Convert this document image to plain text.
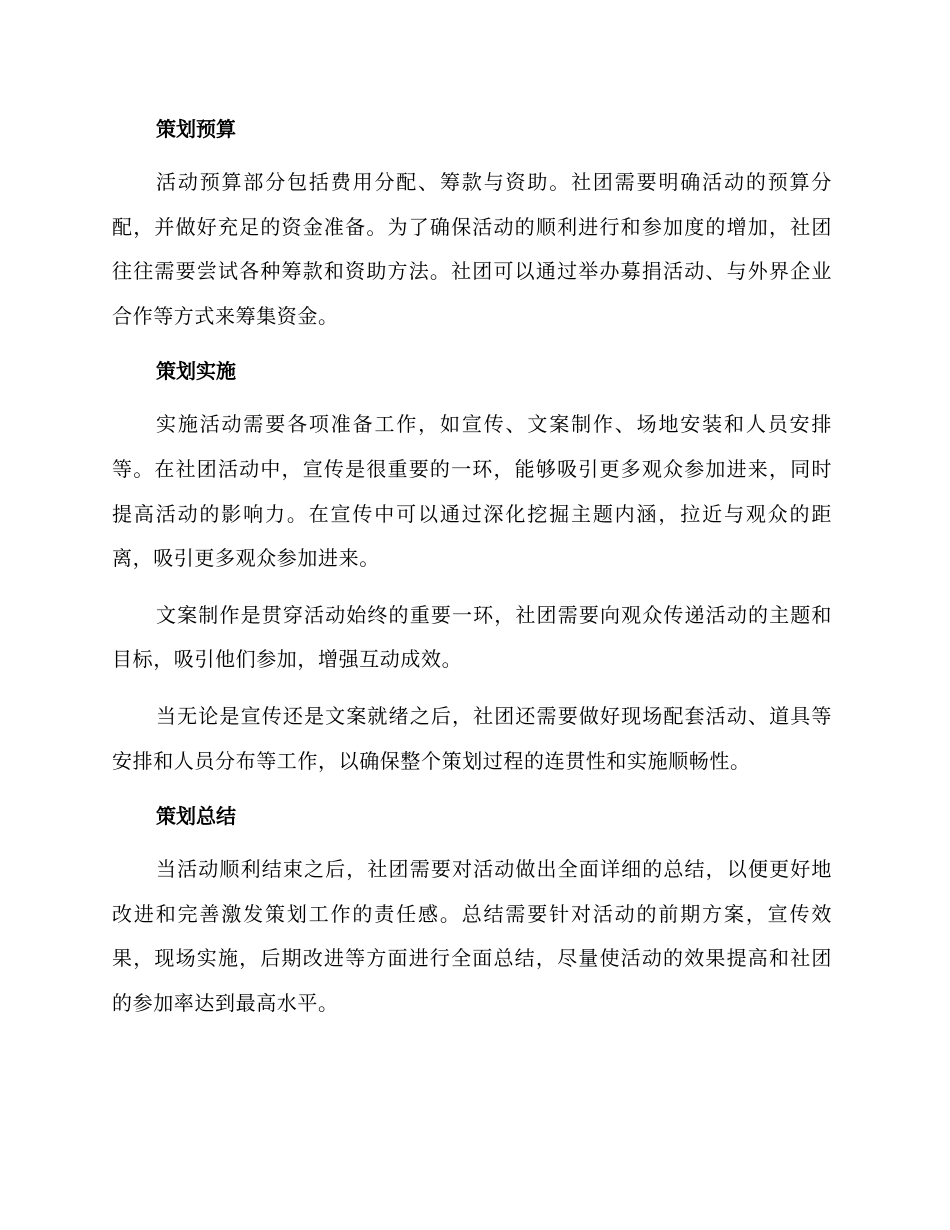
策划预算

活动预算部分包括费用分配、筹款与资助。社团需要明确活动的预算分配，并做好充足的资金准备。为了确保活动的顺利进行和参加度的增加，社团往往需要尝试各种筹款和资助方法。社团可以通过举办募捐活动、与外界企业合作等方式来筹集资金。

策划实施

实施活动需要各项准备工作，如宣传、文案制作、场地安装和人员安排等。在社团活动中，宣传是很重要的一环，能够吸引更多观众参加进来，同时提高活动的影响力。在宣传中可以通过深化挖掘主题内涵，拉近与观众的距离，吸引更多观众参加进来。

文案制作是贯穿活动始终的重要一环，社团需要向观众传递活动的主题和目标，吸引他们参加，增强互动成效。

当无论是宣传还是文案就绪之后，社团还需要做好现场配套活动、道具等安排和人员分布等工作，以确保整个策划过程的连贯性和实施顺畅性。

策划总结

当活动顺利结束之后，社团需要对活动做出全面详细的总结，以便更好地改进和完善激发策划工作的责任感。总结需要针对活动的前期方案，宣传效果，现场实施，后期改进等方面进行全面总结，尽量使活动的效果提高和社团的参加率达到最高水平。
